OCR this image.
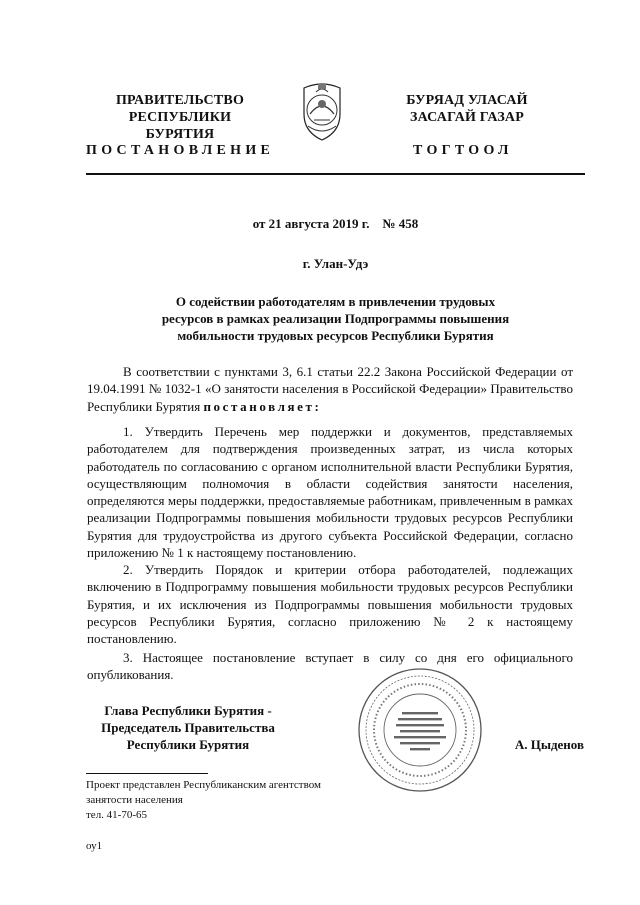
ПРАВИТЕЛЬСТВО
РЕСПУБЛИКИ БУРЯТИЯ
БУРЯАД УЛАСАЙ
ЗАСАГАЙ ГАЗАР
ПОСТАНОВЛЕНИЕ	ТОГТООЛ
от 21 августа 2019 г.    № 458
г. Улан-Удэ
О содействии работодателям в привлечении трудовых
ресурсов в рамках реализации Подпрограммы повышения
мобильности трудовых ресурсов Республики Бурятия

В соответствии с пунктами 3, 6.1 статьи 22.2 Закона Российской Федерации от 19.04.1991 № 1032-1 «О занятости населения в Российской Федерации» Правительство Республики Бурятия постановляет:

1. Утвердить Перечень мер поддержки и документов, представляемых работодателем для подтверждения произведенных затрат, из числа которых работодатель по согласованию с органом исполнительной власти Республики Бурятия, осуществляющим полномочия в области содействия занятости населения, определяются меры поддержки, предоставляемые работникам, привлеченным в рамках реализации Подпрограммы повышения мобильности трудовых ресурсов Республики Бурятия для трудоустройства из другого субъекта Российской Федерации, согласно приложению № 1 к настоящему постановлению.

2. Утвердить Порядок и критерии отбора работодателей, подлежащих включению в Подпрограмму повышения мобильности трудовых ресурсов Республики Бурятия, и их исключения из Подпрограммы повышения мобильности трудовых ресурсов Республики Бурятия, согласно приложению № 2 к настоящему постановлению.

3. Настоящее постановление вступает в силу со дня его официального опубликования.

Глава Республики Бурятия -
Председатель Правительства
Республики Бурятия	А. Цыденов
Проект представлен Республиканским агентством
занятости населения
тел. 41-70-65
оу1
